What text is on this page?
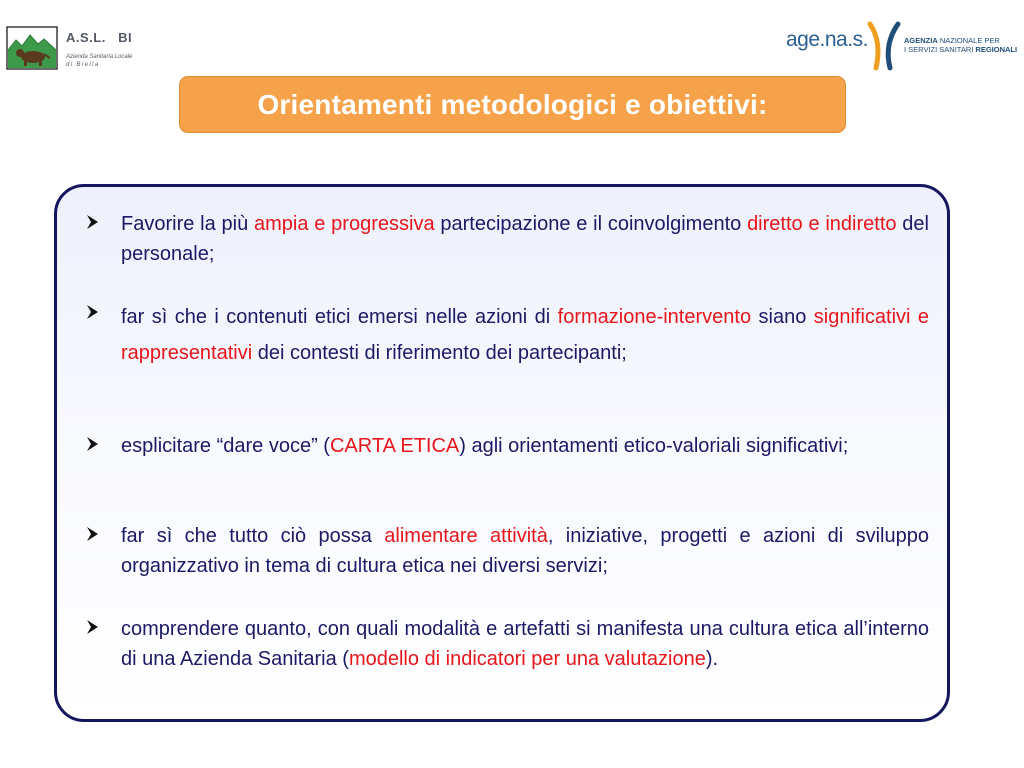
A.S.L.   BI
Azienda Sanitaria Locale
di Biella
age.na.s.	AGENZIA NAZIONALE PER
I SERVIZI SANITARI REGIONALI
Orientamenti metodologici e obiettivi:
Favorire la più ampia e progressiva partecipazione e il coinvolgimento diretto e indiretto del personale;
far sì che i contenuti etici emersi nelle azioni di formazione-intervento siano significativi e rappresentativi dei contesti di riferimento dei partecipanti;
esplicitare “dare voce” (CARTA ETICA) agli orientamenti etico-valoriali significativi;
far sì che tutto ciò possa alimentare attività, iniziative, progetti e azioni di sviluppo organizzativo in tema di cultura etica nei diversi servizi;
comprendere quanto, con quali modalità e artefatti si manifesta una cultura etica all’interno di una Azienda Sanitaria (modello di indicatori per una valutazione).
